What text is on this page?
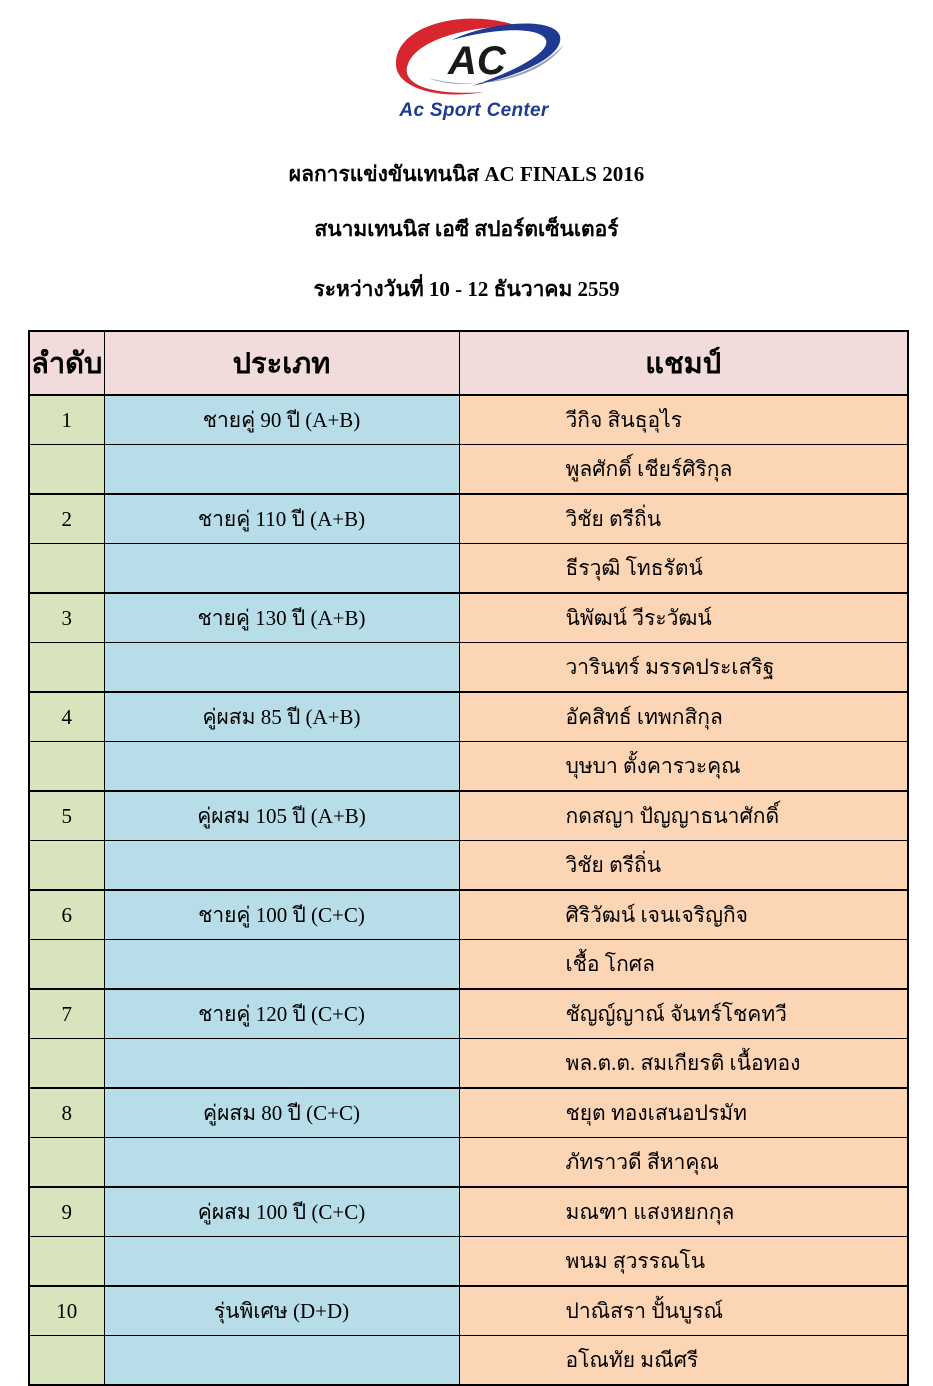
AC
Ac Sport Center
ผลการแข่งขันเทนนิส AC FINALS 2016
สนามเทนนิส เอซี สปอร์ตเซ็นเตอร์
ระหว่างวันที่ 10 - 12 ธันวาคม 2559
ลำดับ	ประเภท	แชมป์
1	ชายคู่ 90 ปี (A+B)	วีกิจ สินธุอุไร
		พูลศักดิ์ เชียร์ศิริกุล
2	ชายคู่ 110 ปี (A+B)	วิชัย ตรีถิ่น
		ธีรวุฒิ โทธรัตน์
3	ชายคู่ 130 ปี (A+B)	นิพัฒน์ วีระวัฒน์
		วารินทร์ มรรคประเสริฐ
4	คู่ผสม 85 ปี (A+B)	อัคสิทธ์ เทพกสิกุล
		บุษบา ตั้งคารวะคุณ
5	คู่ผสม 105 ปี (A+B)	กดสญา ปัญญาธนาศักดิ์
		วิชัย ตรีถิ่น
6	ชายคู่ 100 ปี (C+C)	ศิริวัฒน์ เจนเจริญกิจ
		เชื้อ โกศล
7	ชายคู่ 120 ปี (C+C)	ชัญญ์ญาณ์ จันทร์โชคทวี
		พล.ต.ต. สมเกียรติ เนื้อทอง
8	คู่ผสม 80 ปี (C+C)	ชยุต ทองเสนอปรมัท
		ภัทราวดี สีหาคุณ
9	คู่ผสม 100 ปี (C+C)	มณฑา แสงหยกกุล
		พนม สุวรรณโน
10	รุ่นพิเศษ (D+D)	ปาณิสรา ปั้นบูรณ์
		อโณทัย มณีศรี
